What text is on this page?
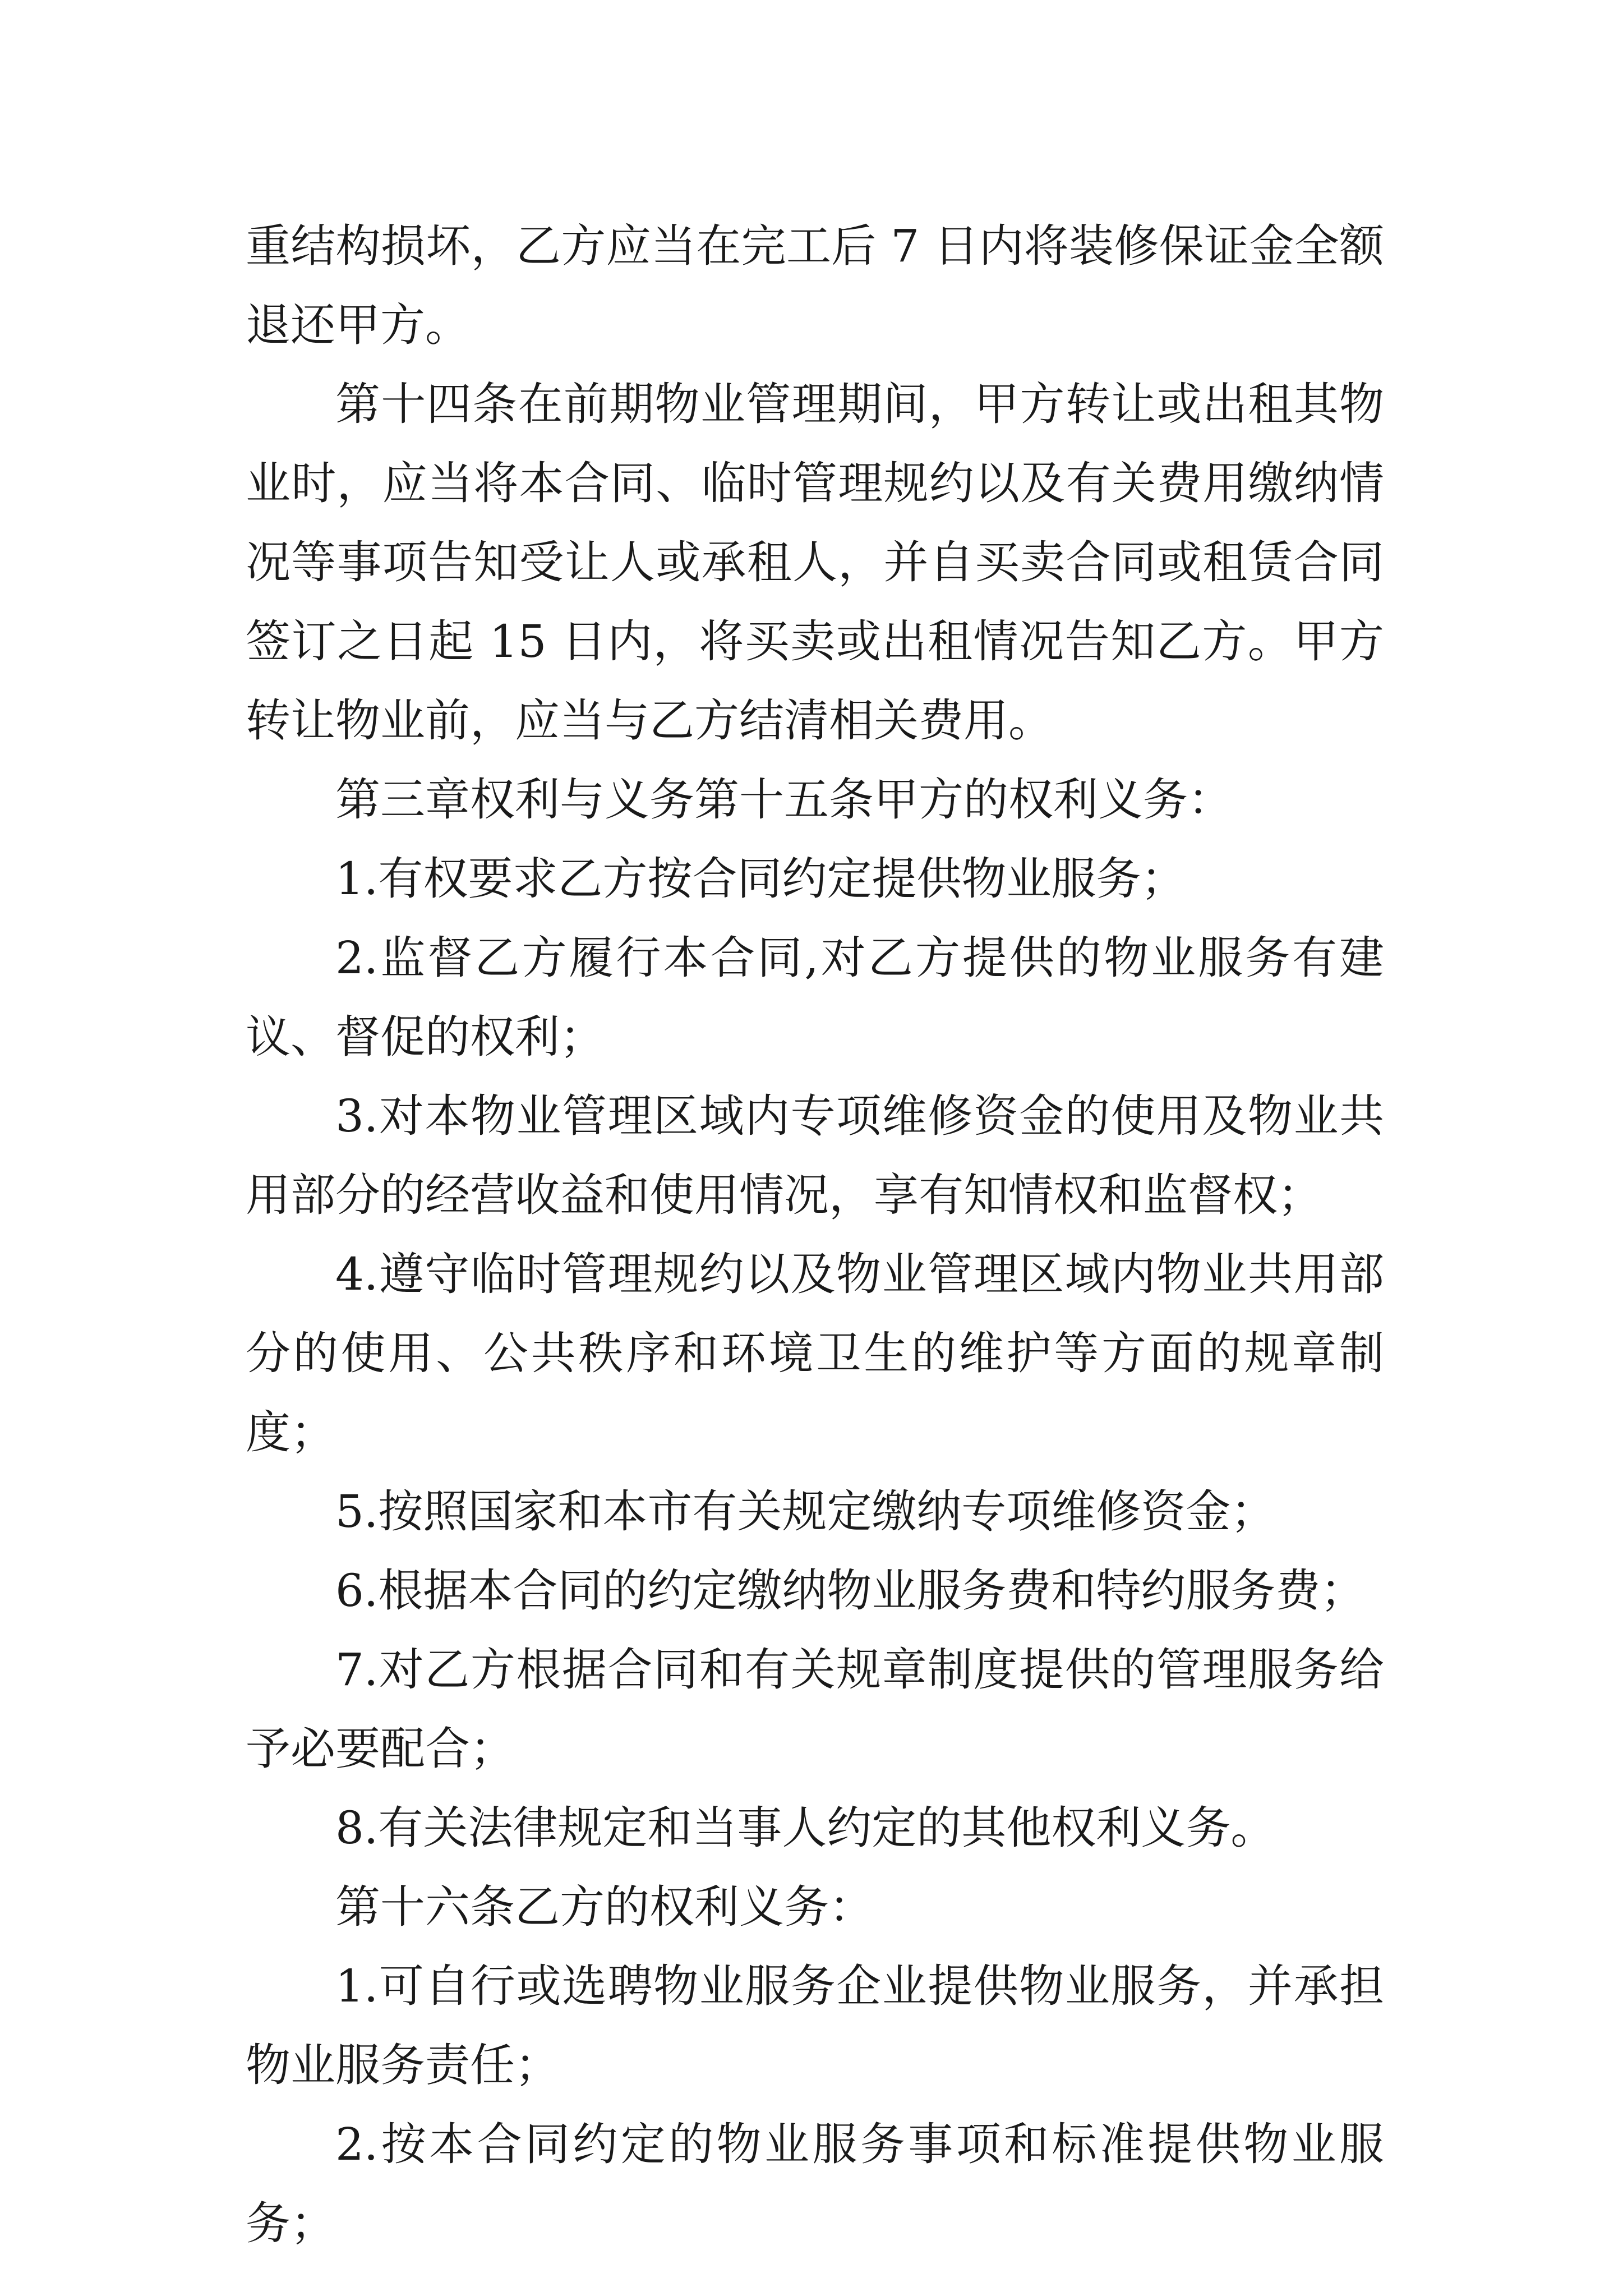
重结构损坏，乙方应当在完工后 7 日内将装修保证金全额退还甲方。

第十四条在前期物业管理期间，甲方转让或出租其物业时，应当将本合同、临时管理规约以及有关费用缴纳情况等事项告知受让人或承租人，并自买卖合同或租赁合同签订之日起 15 日内，将买卖或出租情况告知乙方。甲方转让物业前，应当与乙方结清相关费用。

第三章权利与义务第十五条甲方的权利义务：

1.有权要求乙方按合同约定提供物业服务；

2.监督乙方履行本合同,对乙方提供的物业服务有建议、督促的权利；

3.对本物业管理区域内专项维修资金的使用及物业共用部分的经营收益和使用情况，享有知情权和监督权；

4.遵守临时管理规约以及物业管理区域内物业共用部分的使用、公共秩序和环境卫生的维护等方面的规章制度；

5.按照国家和本市有关规定缴纳专项维修资金；

6.根据本合同的约定缴纳物业服务费和特约服务费；

7.对乙方根据合同和有关规章制度提供的管理服务给予必要配合；

8.有关法律规定和当事人约定的其他权利义务。

第十六条乙方的权利义务：

1.可自行或选聘物业服务企业提供物业服务，并承担物业服务责任；

2.按本合同约定的物业服务事项和标准提供物业服务；
